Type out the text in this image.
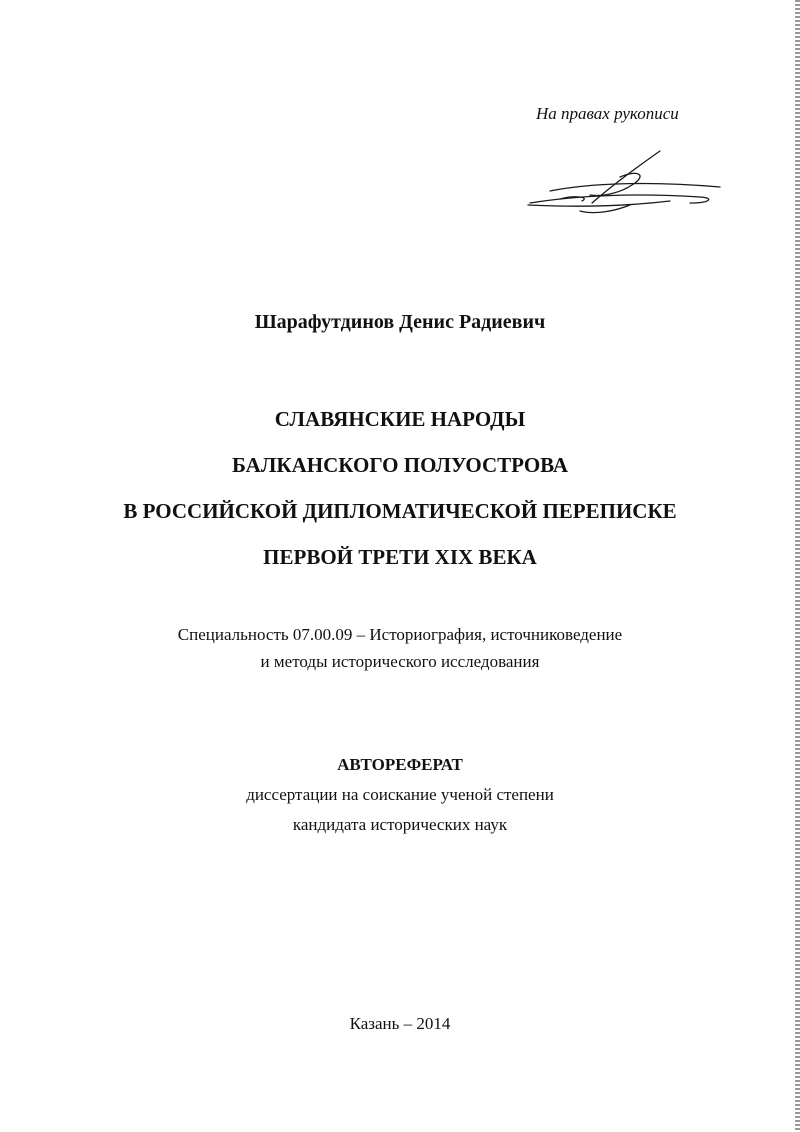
На правах рукописи
Шарафутдинов Денис Радиевич
СЛАВЯНСКИЕ НАРОДЫ
БАЛКАНСКОГО ПОЛУОСТРОВА
В РОССИЙСКОЙ ДИПЛОМАТИЧЕСКОЙ ПЕРЕПИСКЕ
ПЕРВОЙ ТРЕТИ XIX ВЕКА
Специальность 07.00.09 – Историография, источниковедение
и методы исторического исследования
АВТОРЕФЕРАТ
диссертации на соискание ученой степени
кандидата исторических наук
Казань – 2014
